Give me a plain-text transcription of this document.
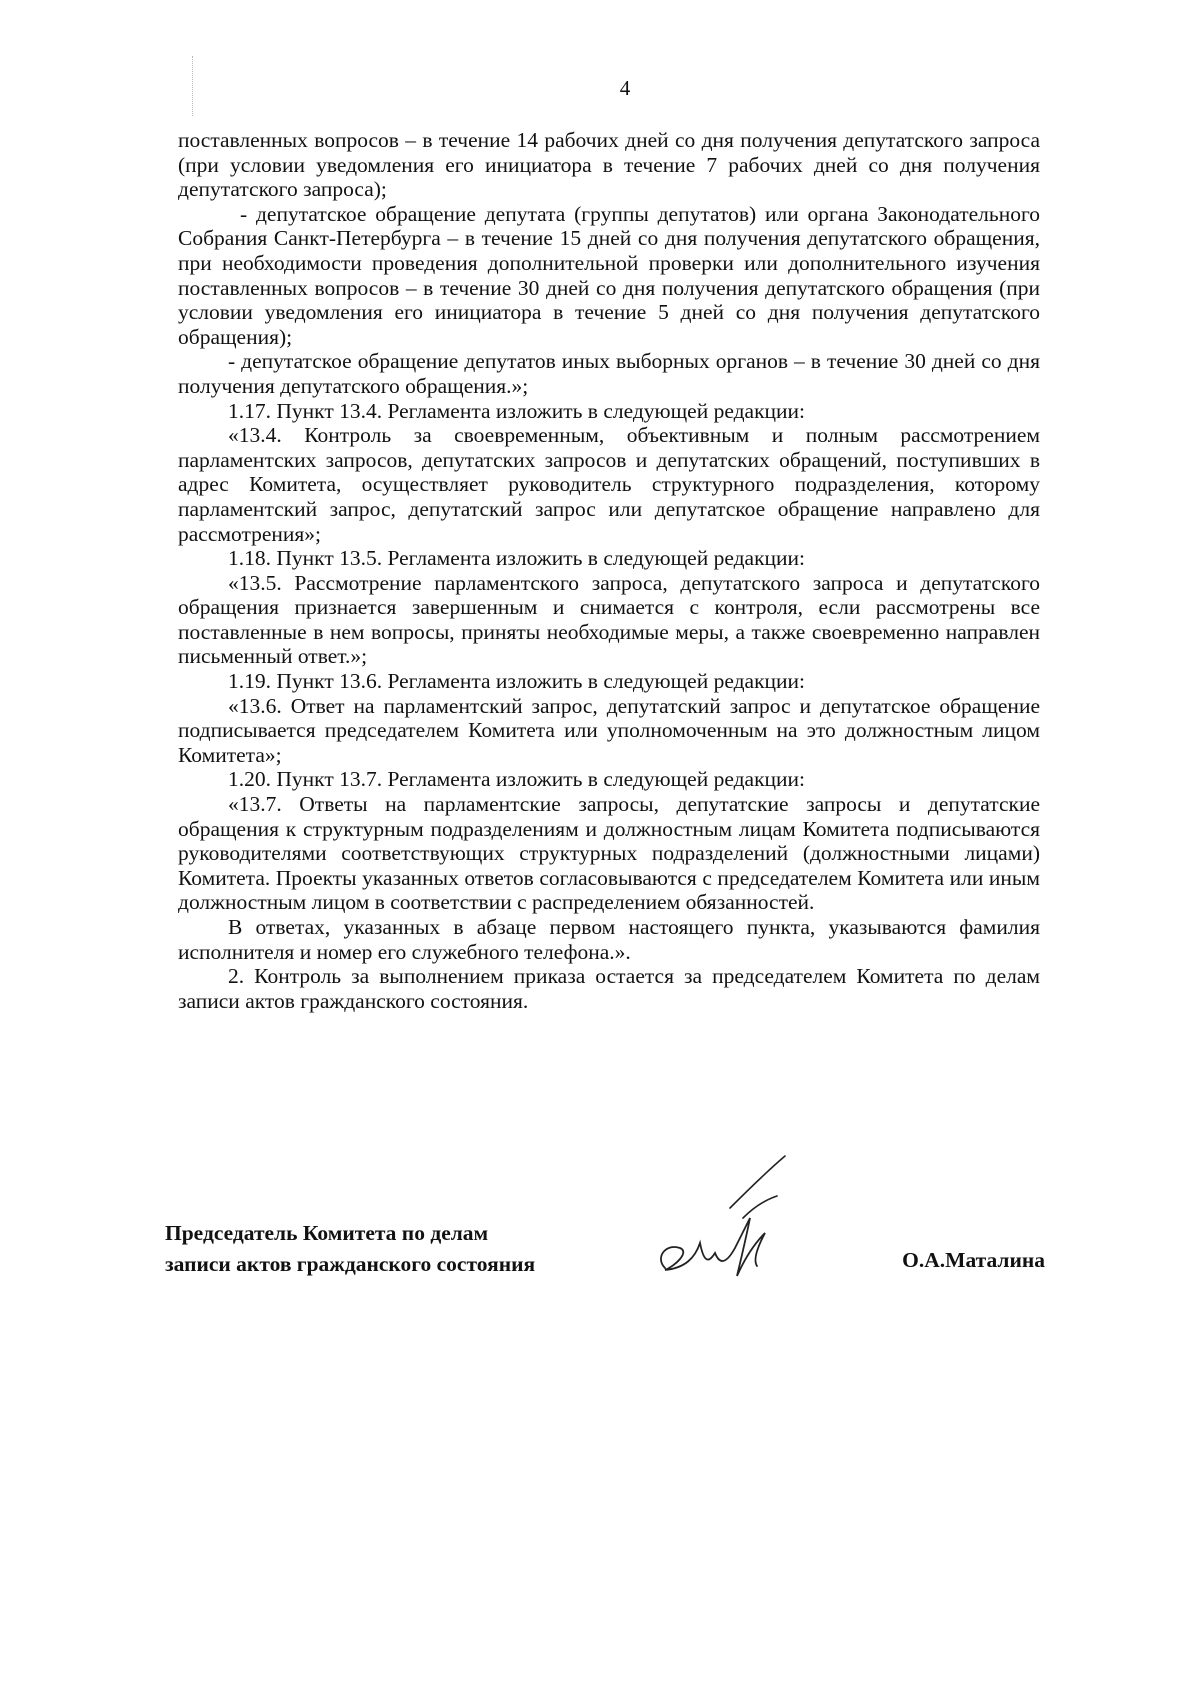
4

поставленных вопросов – в течение 14 рабочих дней со дня получения депутатского запроса (при условии уведомления его инициатора в течение 7 рабочих дней со дня получения депутатского запроса);

- депутатское обращение депутата (группы депутатов) или органа Законодательного Собрания Санкт-Петербурга – в течение 15 дней со дня получения депутатского обращения, при необходимости проведения дополнительной проверки или дополнительного изучения поставленных вопросов – в течение 30 дней со дня получения депутатского обращения (при условии уведомления его инициатора в течение 5 дней со дня получения депутатского обращения);

- депутатское обращение депутатов иных выборных органов – в течение 30 дней со дня получения депутатского обращения.»;

1.17. Пункт 13.4. Регламента изложить в следующей редакции:

«13.4. Контроль за своевременным, объективным и полным рассмотрением парламентских запросов, депутатских запросов и депутатских обращений, поступивших в адрес Комитета, осуществляет руководитель структурного подразделения, которому парламентский запрос, депутатский запрос или депутатское обращение направлено для рассмотрения»;

1.18. Пункт 13.5. Регламента изложить в следующей редакции:

«13.5. Рассмотрение парламентского запроса, депутатского запроса и депутатского обращения признается завершенным и снимается с контроля, если рассмотрены все поставленные в нем вопросы, приняты необходимые меры, а также своевременно направлен письменный ответ.»;

1.19. Пункт 13.6. Регламента изложить в следующей редакции:

«13.6. Ответ на парламентский запрос, депутатский запрос и депутатское обращение подписывается председателем Комитета или уполномоченным на это должностным лицом Комитета»;

1.20. Пункт 13.7. Регламента изложить в следующей редакции:

«13.7. Ответы на парламентские запросы, депутатские запросы и депутатские обращения к структурным подразделениям и должностным лицам Комитета подписываются руководителями соответствующих структурных подразделений (должностными лицами) Комитета. Проекты указанных ответов согласовываются с председателем Комитета или иным должностным лицом в соответствии с распределением обязанностей.

В ответах, указанных в абзаце первом настоящего пункта, указываются фамилия исполнителя и номер его служебного телефона.».

2. Контроль за выполнением приказа остается за председателем Комитета по делам записи актов гражданского состояния.

Председатель Комитета по делам
записи актов гражданского состояния	О.А.Маталина
